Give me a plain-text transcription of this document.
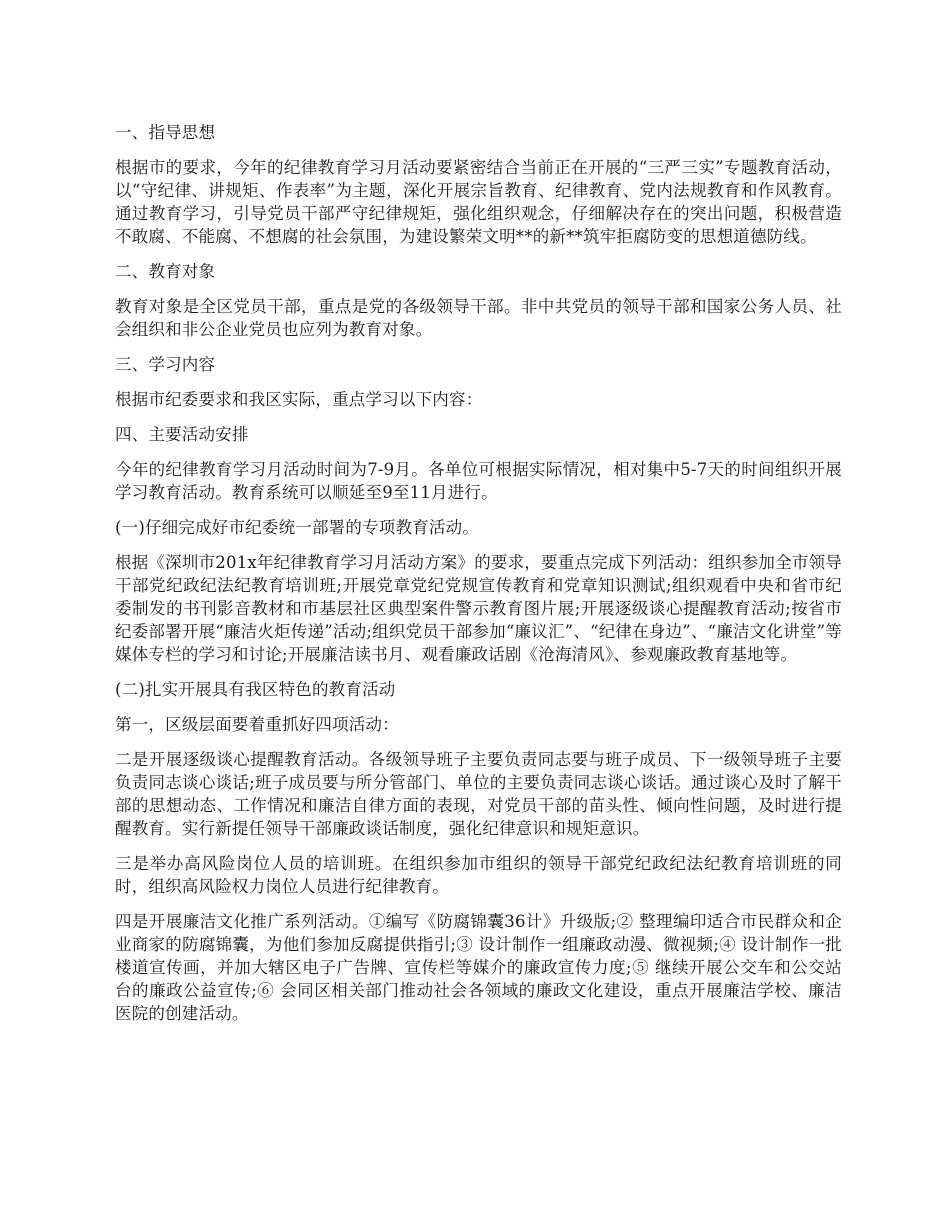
一、指导思想

根据市的要求，今年的纪律教育学习月活动要紧密结合当前正在开展的“三严三实”专题教育活动，以“守纪律、讲规矩、作表率”为主题，深化开展宗旨教育、纪律教育、党内法规教育和作风教育。通过教育学习，引导党员干部严守纪律规矩，强化组织观念，仔细解决存在的突出问题，积极营造不敢腐、不能腐、不想腐的社会氛围，为建设繁荣文明**的新**筑牢拒腐防变的思想道德防线。

二、教育对象

教育对象是全区党员干部，重点是党的各级领导干部。非中共党员的领导干部和国家公务人员、社会组织和非公企业党员也应列为教育对象。

三、学习内容

根据市纪委要求和我区实际，重点学习以下内容：

四、主要活动安排

今年的纪律教育学习月活动时间为7-9月。各单位可根据实际情况，相对集中5-7天的时间组织开展学习教育活动。教育系统可以顺延至9至11月进行。

(一)仔细完成好市纪委统一部署的专项教育活动。

根据《深圳市201x年纪律教育学习月活动方案》的要求，要重点完成下列活动：组织参加全市领导干部党纪政纪法纪教育培训班;开展党章党纪党规宣传教育和党章知识测试;组织观看中央和省市纪委制发的书刊影音教材和市基层社区典型案件警示教育图片展;开展逐级谈心提醒教育活动;按省市纪委部署开展“廉洁火炬传递”活动;组织党员干部参加“廉议汇”、“纪律在身边”、“廉洁文化讲堂”等媒体专栏的学习和讨论;开展廉洁读书月、观看廉政话剧《沧海清风》、参观廉政教育基地等。

(二)扎实开展具有我区特色的教育活动

第一，区级层面要着重抓好四项活动：

二是开展逐级谈心提醒教育活动。各级领导班子主要负责同志要与班子成员、下一级领导班子主要负责同志谈心谈话;班子成员要与所分管部门、单位的主要负责同志谈心谈话。通过谈心及时了解干部的思想动态、工作情况和廉洁自律方面的表现，对党员干部的苗头性、倾向性问题，及时进行提醒教育。实行新提任领导干部廉政谈话制度，强化纪律意识和规矩意识。

三是举办高风险岗位人员的培训班。在组织参加市组织的领导干部党纪政纪法纪教育培训班的同时，组织高风险权力岗位人员进行纪律教育。

四是开展廉洁文化推广系列活动。①编写《防腐锦囊36计》升级版;② 整理编印适合市民群众和企业商家的防腐锦囊，为他们参加反腐提供指引;③ 设计制作一组廉政动漫、微视频;④ 设计制作一批楼道宣传画，并加大辖区电子广告牌、宣传栏等媒介的廉政宣传力度;⑤ 继续开展公交车和公交站台的廉政公益宣传;⑥ 会同区相关部门推动社会各领域的廉政文化建设，重点开展廉洁学校、廉洁医院的创建活动。
